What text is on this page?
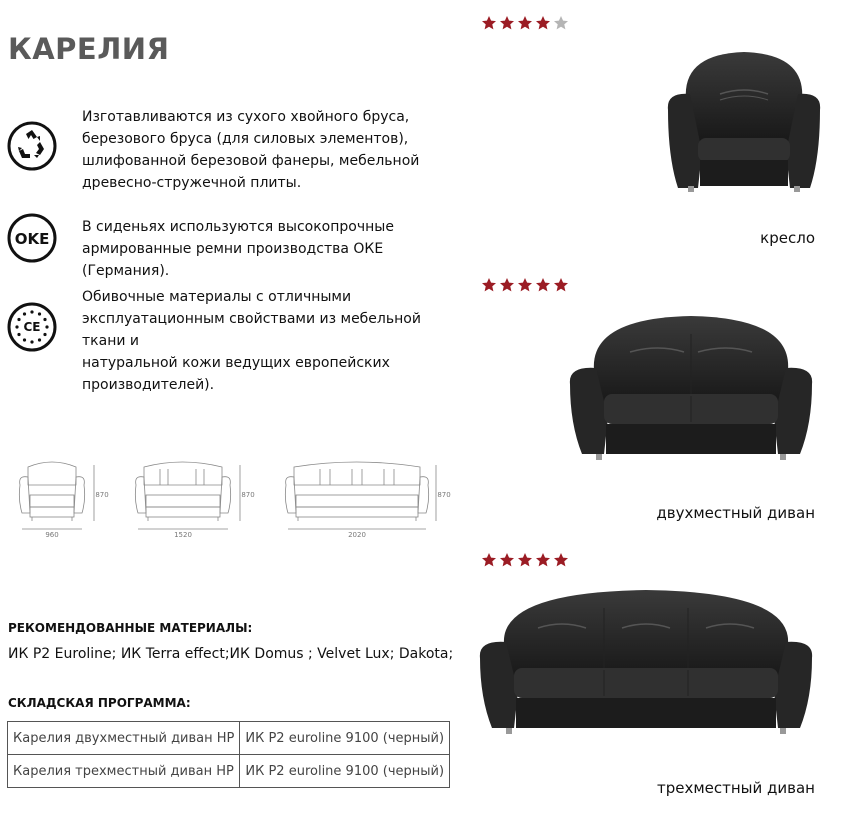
КАРЕЛИЯ
Изготавливаются из сухого хвойного бруса,
березового бруса (для силовых элементов),
шлифованной березовой фанеры, мебельной
древесно-стружечной плиты.
OKE
В сиденьях используются высокопрочные
армированные ремни производства ОКЕ (Германия).
CE
Обивочные материалы с отличными
эксплуатационным свойствами из мебельной ткани и
натуральной кожи ведущих европейских
производителей).
870
960
870
1520
870
2020
РЕКОМЕНДОВАННЫЕ МАТЕРИАЛЫ:
ИК Р2 Euroline; ИК Terra effect;ИК Domus ; Velvet Lux; Dakota;
СКЛАДСКАЯ ПРОГРАММА:
Карелия двухместный диван НР	ИК Р2 euroline 9100 (черный)
Карелия трехместный диван НР	ИК Р2 euroline 9100 (черный)
кресло
двухместный диван
трехместный диван
